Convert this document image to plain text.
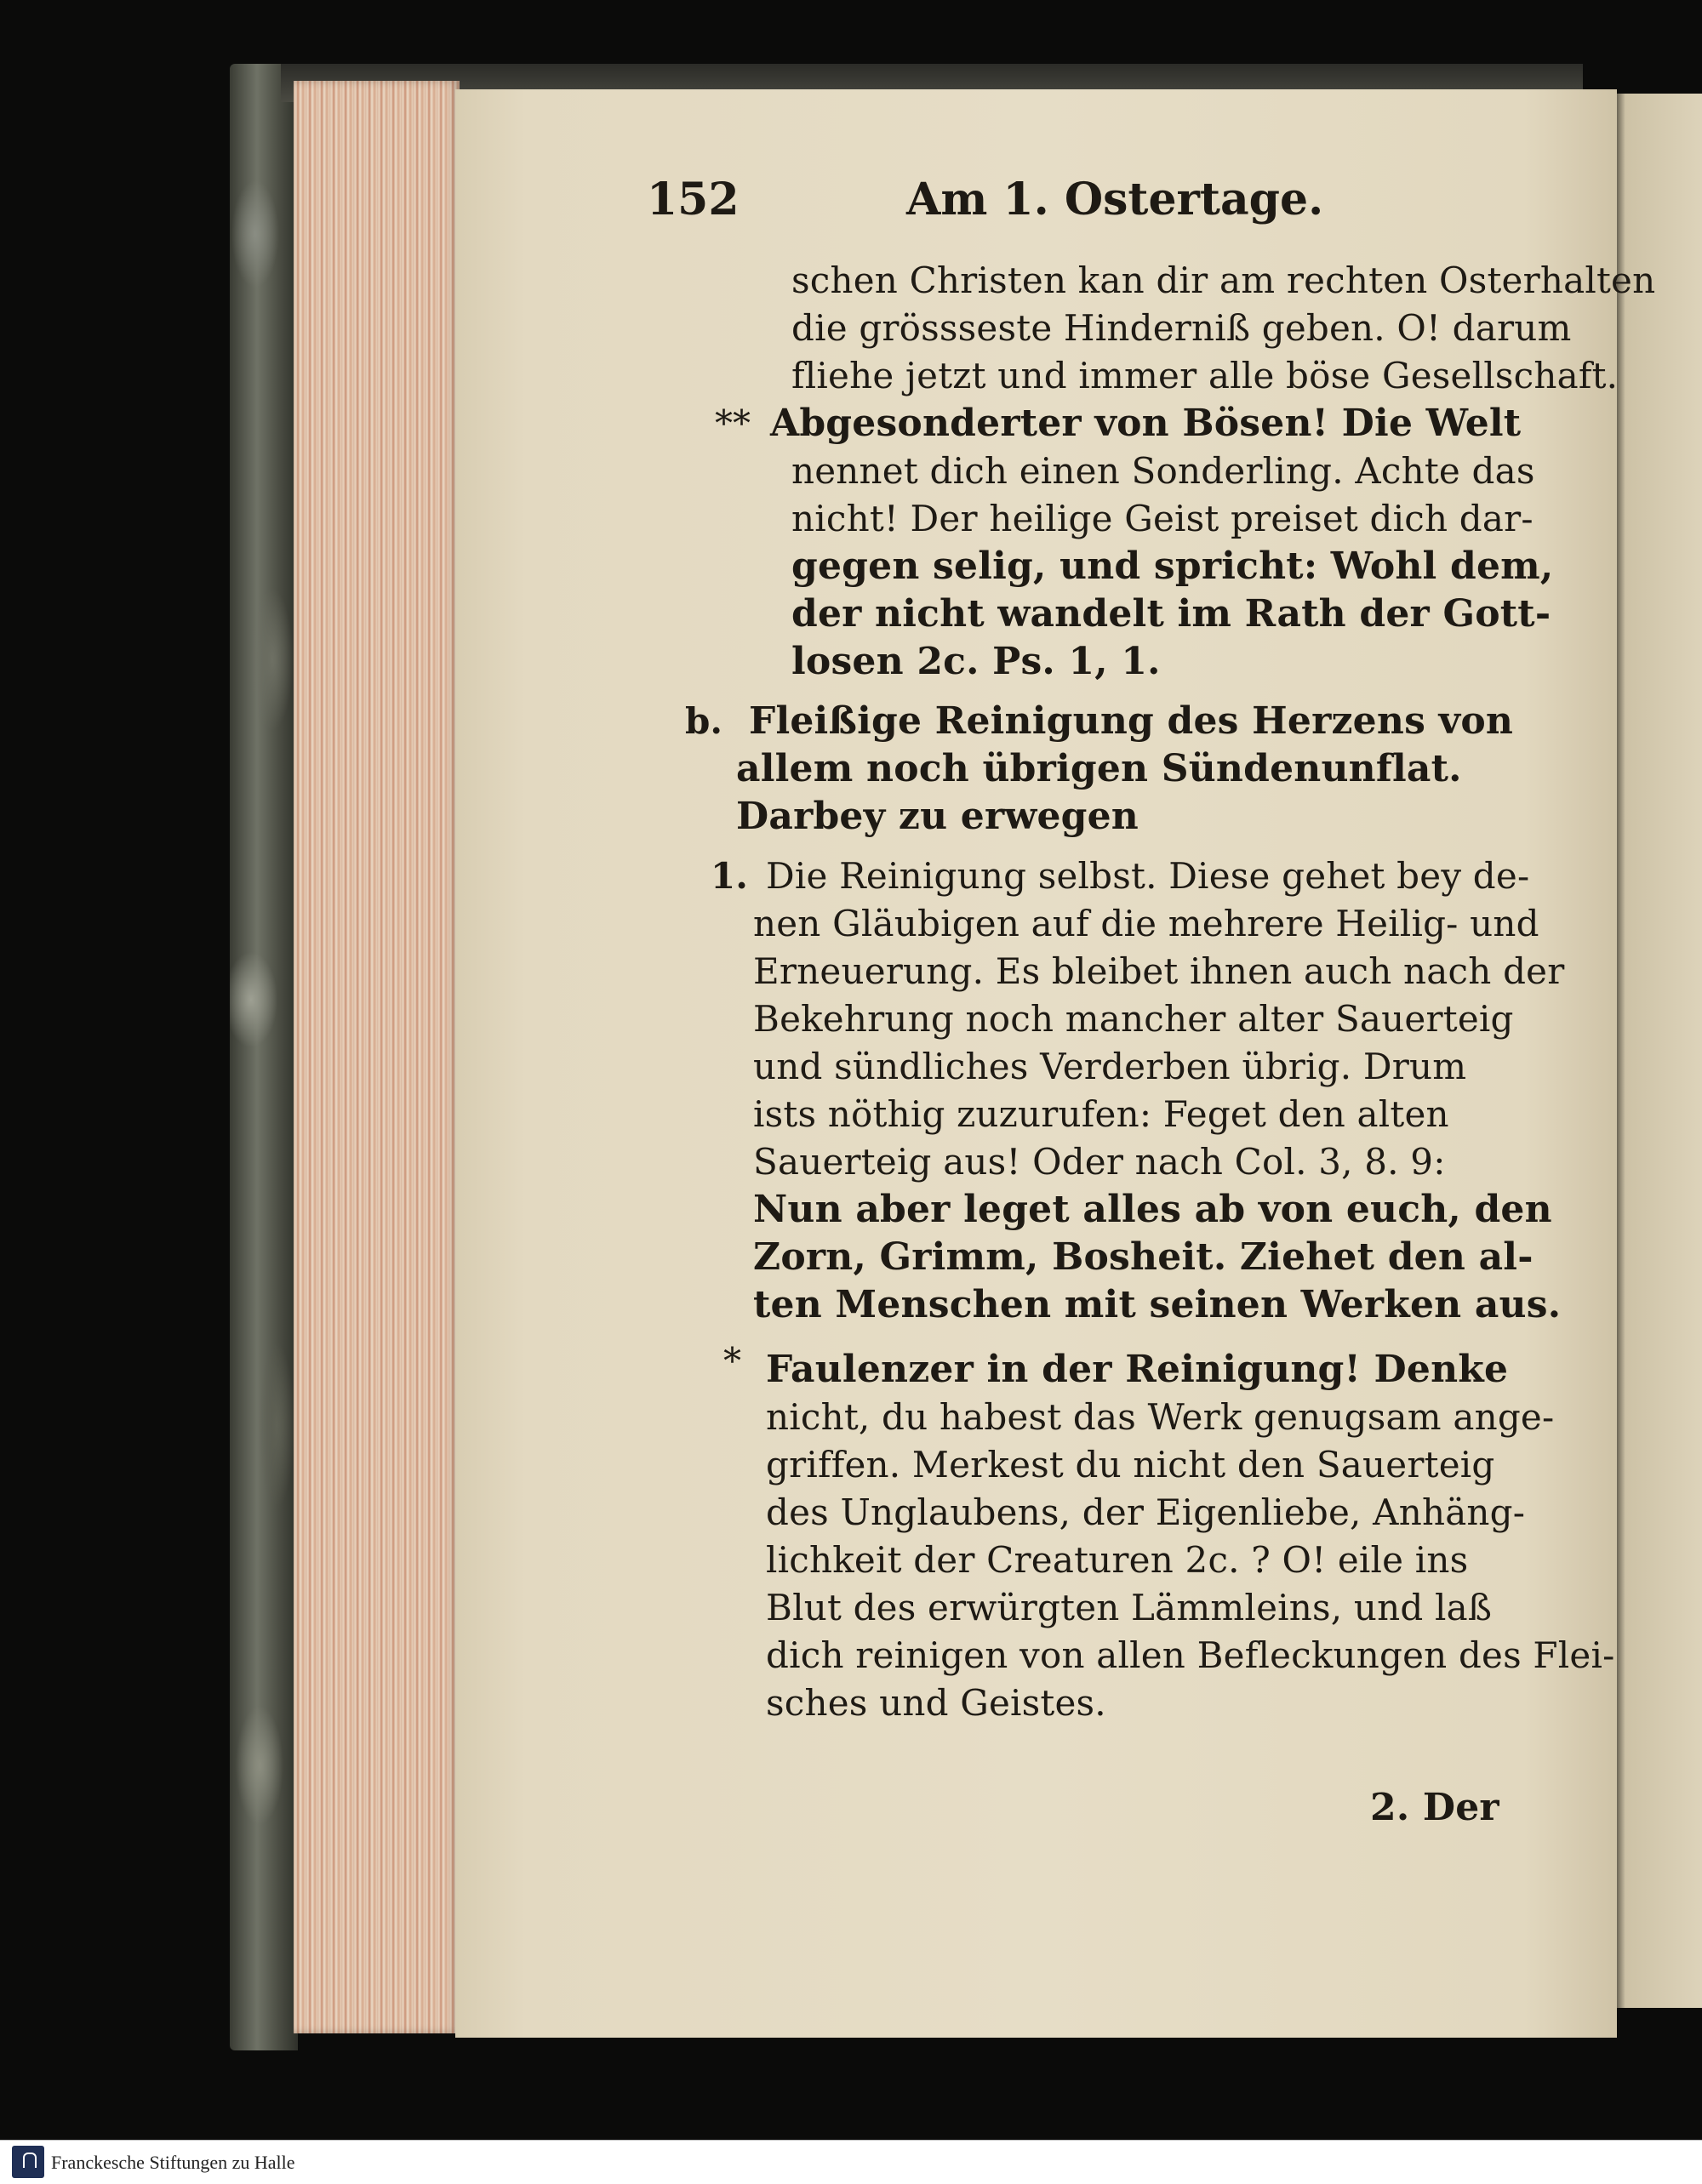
152	Am 1. Ostertage.
schen Christen kan dir am rechten Osterhalten
die grössseste Hinderniß geben. O! darum
fliehe jetzt und immer alle böse Gesellschaft.
** Abgesonderter von Bösen! Die Welt
nennet dich einen Sonderling. Achte das
nicht! Der heilige Geist preiset dich dar-
gegen selig, und spricht: Wohl dem,
der nicht wandelt im Rath der Gott-
losen 2c. Ps. 1, 1.
b. Fleißige Reinigung des Herzens von
allem noch übrigen Sündenunflat.
Darbey zu erwegen
1. Die Reinigung selbst. Diese gehet bey de-
nen Gläubigen auf die mehrere Heilig- und
Erneuerung. Es bleibet ihnen auch nach der
Bekehrung noch mancher alter Sauerteig
und sündliches Verderben übrig. Drum
ists nöthig zuzurufen: Feget den alten
Sauerteig aus! Oder nach Col. 3, 8. 9:
Nun aber leget alles ab von euch, den
Zorn, Grimm, Bosheit. Ziehet den al-
ten Menschen mit seinen Werken aus.
* Faulenzer in der Reinigung! Denke
nicht, du habest das Werk genugsam ange-
griffen. Merkest du nicht den Sauerteig
des Unglaubens, der Eigenliebe, Anhäng-
lichkeit der Creaturen 2c. ? O! eile ins
Blut des erwürgten Lämmleins, und laß
dich reinigen von allen Befleckungen des Flei-
sches und Geistes.
2. Der
Franckesche Stiftungen zu Halle
